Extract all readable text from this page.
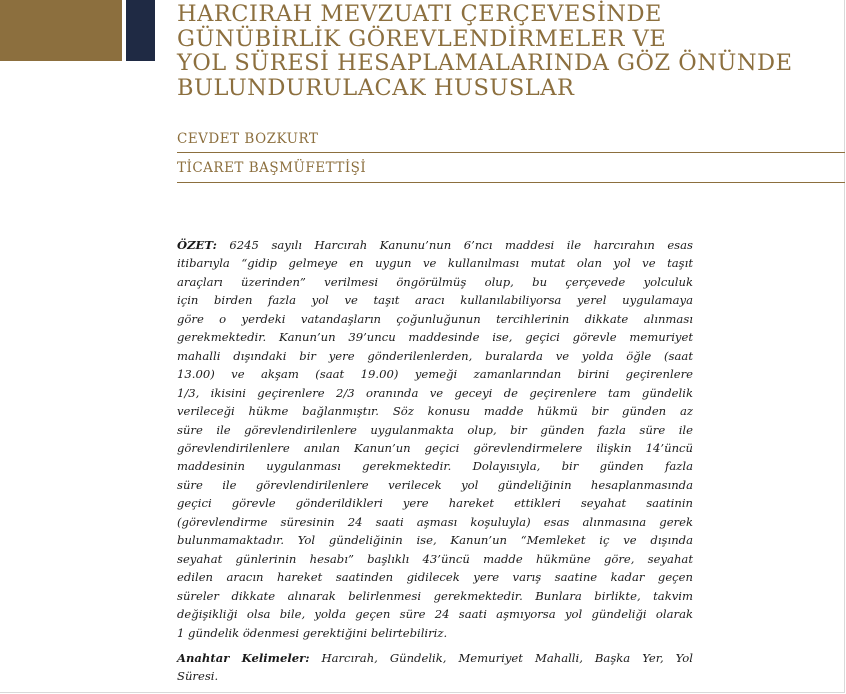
HARCIRAH MEVZUATI ÇERÇEVESİNDE
GÜNÜBİRLİK GÖREVLENDİRMELER VE
YOL SÜRESİ HESAPLAMALARINDA GÖZ ÖNÜNDE
BULUNDURULACAK HUSUSLAR
CEVDET BOZKURT
TİCARET BAŞMÜFETTİŞİ

ÖZET: 6245 sayılı Harcırah Kanunu’nun 6’ncı maddesi ile harcırahın esas
itibarıyla “gidip gelmeye en uygun ve kullanılması mutat olan yol ve taşıt
araçları üzerinden” verilmesi öngörülmüş olup, bu çerçevede yolculuk
için birden fazla yol ve taşıt aracı kullanılabiliyorsa yerel uygulamaya
göre o yerdeki vatandaşların çoğunluğunun tercihlerinin dikkate alınması
gerekmektedir. Kanun’un 39’uncu maddesinde ise, geçici görevle memuriyet
mahalli dışındaki bir yere gönderilenlerden, buralarda ve yolda öğle (saat
13.00) ve akşam (saat 19.00) yemeği zamanlarından birini geçirenlere
1/3, ikisini geçirenlere 2/3 oranında ve geceyi de geçirenlere tam gündelik
verileceği hükme bağlanmıştır. Söz konusu madde hükmü bir günden az
süre ile görevlendirilenlere uygulanmakta olup, bir günden fazla süre ile
görevlendirilenlere anılan Kanun’un geçici görevlendirmelere ilişkin 14’üncü
maddesinin uygulanması gerekmektedir. Dolayısıyla, bir günden fazla
süre ile görevlendirilenlere verilecek yol gündeliğinin hesaplanmasında
geçici görevle gönderildikleri yere hareket ettikleri seyahat saatinin
(görevlendirme süresinin 24 saati aşması koşuluyla) esas alınmasına gerek
bulunmamaktadır. Yol gündeliğinin ise, Kanun’un “Memleket iç ve dışında
seyahat günlerinin hesabı” başlıklı 43’üncü madde hükmüne göre, seyahat
edilen aracın hareket saatinden gidilecek yere varış saatine kadar geçen
süreler dikkate alınarak belirlenmesi gerekmektedir. Bunlara birlikte, takvim
değişikliği olsa bile, yolda geçen süre 24 saati aşmıyorsa yol gündeliği olarak
1 gündelik ödenmesi gerektiğini belirtebiliriz.

Anahtar Kelimeler: Harcırah, Gündelik, Memuriyet Mahalli, Başka Yer, Yol
Süresi.
